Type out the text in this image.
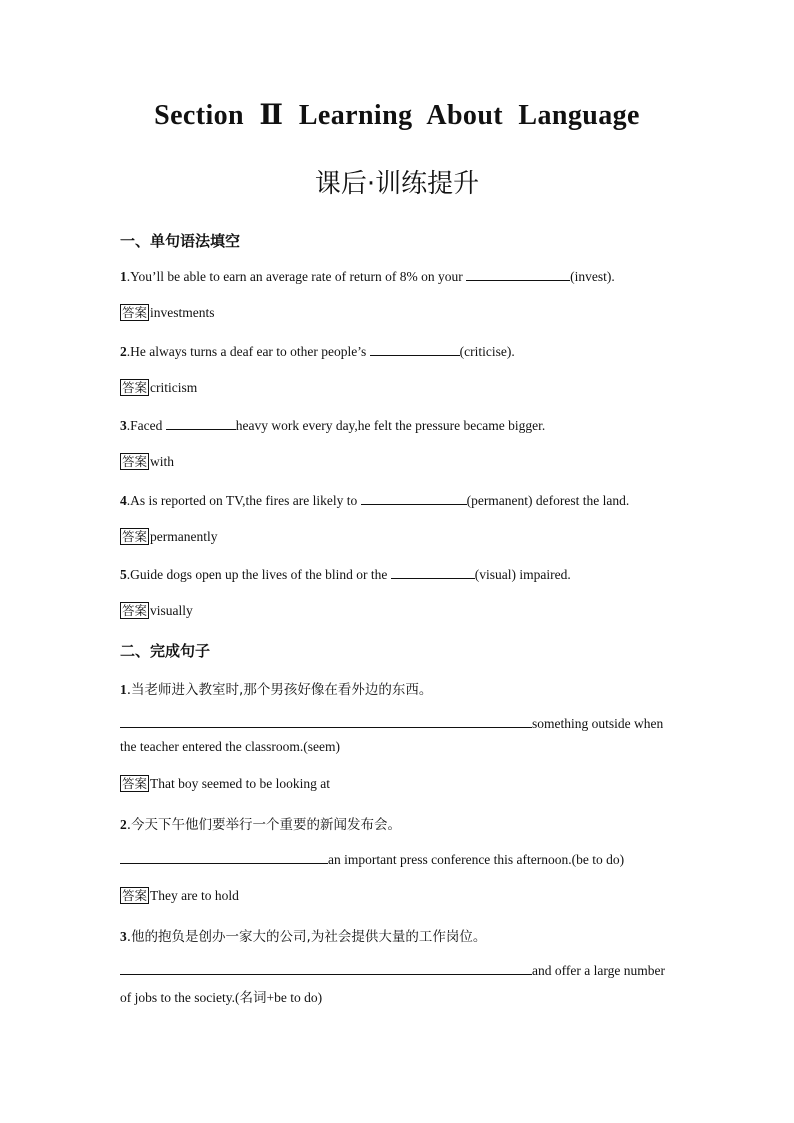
Section Ⅱ Learning About Language
课后·训练提升
一、单句语法填空
1.You’ll be able to earn an average rate of return of 8% on your	(invest).
答案 investments
2.He always turns a deaf ear to other people’s	(criticise).
答案 criticism
3.Faced	heavy work every day,he felt the pressure became bigger.
答案 with
4.As is reported on TV,the fires are likely to	(permanent) deforest the land.
答案 permanently
5.Guide dogs open up the lives of the blind or the	(visual) impaired.
答案 visually
二、完成句子
1.当老师进入教室时,那个男孩好像在看外边的东西。
something outside when
the teacher entered the classroom.(seem)
答案 That boy seemed to be looking at
2.今天下午他们要举行一个重要的新闻发布会。
an important press conference this afternoon.(be to do)
答案 They are to hold
3.他的抱负是创办一家大的公司,为社会提供大量的工作岗位。
and offer a large number
of jobs to the society.(名词+be to do)
